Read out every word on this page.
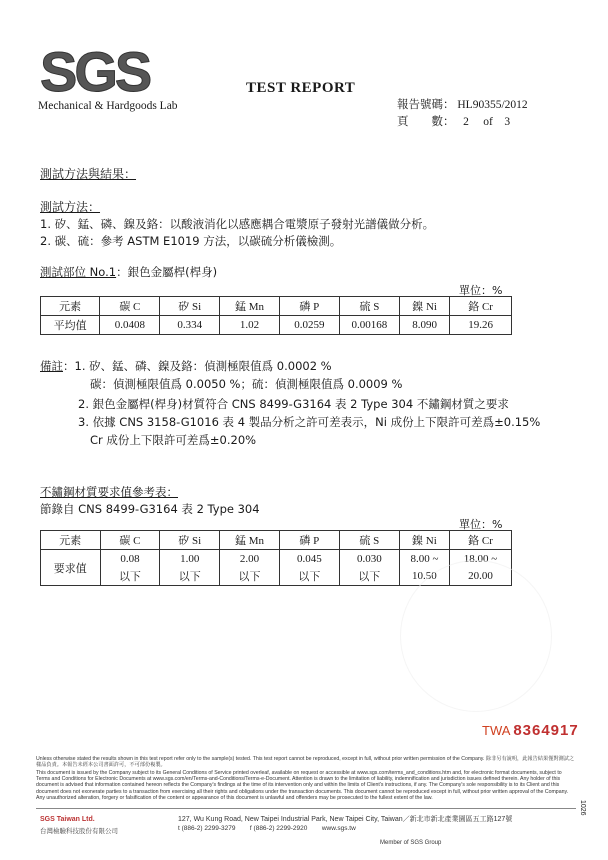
SGS
Mechanical & Hardgoods Lab
TEST REPORT
報告號碼： HL90355/2012
頁　　數： 2 of 3
測試方法與結果：
測試方法：
1. 矽、錳、磷、鎳及鉻：以酸液消化以感應耦合電漿原子發射光譜儀做分析。
2. 碳、硫：參考 ASTM E1019 方法，以碳硫分析儀檢測。
測試部位 No.1：銀色金屬桿(桿身)
單位：%
元素	碳 C	矽 Si	錳 Mn	磷 P	硫 S	鎳 Ni	鉻 Cr
平均值	0.0408	0.334	1.02	0.0259	0.00168	8.090	19.26
備註：1. 矽、錳、磷、鎳及鉻：偵測極限值爲 0.0002 %
碳：偵測極限值爲 0.0050 %；硫：偵測極限值爲 0.0009 %
2. 銀色金屬桿(桿身)材質符合 CNS 8499-G3164 表 2 Type 304 不鏽鋼材質之要求
3. 依據 CNS 3158-G1016 表 4 製品分析之許可差表示，Ni 成份上下限許可差爲±0.15%
Cr 成份上下限許可差爲±0.20%
不鏽鋼材質要求值參考表：
節錄自 CNS 8499-G3164 表 2 Type 304
單位：%
元素	碳 C	矽 Si	錳 Mn	磷 P	硫 S	鎳 Ni	鉻 Cr
要求值	0.08	1.00	2.00	0.045	0.030	8.00 ~	18.00 ~
	以下	以下	以下	以下	以下	10.50	20.00
Unless otherwise stated the results shown in this test report refer only to the sample(s) tested. This test report cannot be reproduced, except in full, without prior written permission of the Company. 除非另有說明，此報告結果僅對測試之樣品負責。本報告未經本公司書面許可，不可部份複製。
This document is issued by the Company subject to its General Conditions of Service printed overleaf, available on request or accessible at www.sgs.com/terms_and_conditions.htm and, for electronic format documents, subject to Terms and Conditions for Electronic Documents at www.sgs.com/en/Terms-and-Conditions/Terms-e-Document. Attention is drawn to the limitation of liability, indemnification and jurisdiction issues defined therein. Any holder of this document is advised that information contained hereon reflects the Company's findings at the time of its intervention only and within the limits of Client's instructions, if any. The Company's sole responsibility is to its Client and this document does not exonerate parties to a transaction from exercising all their rights and obligations under the transaction documents. This document cannot be reproduced except in full, without prior written approval of the Company. Any unauthorized alteration, forgery or falsification of the content or appearance of this document is unlawful and offenders may be prosecuted to the fullest extent of the law.
TWA 8364917
SGS Taiwan Ltd.
台灣檢驗科技股份有限公司
127, Wu Kung Road, New Taipei Industrial Park, New Taipei City, Taiwan／新北市新北產業園區五工路127號
t (886-2) 2299-3279 f (886-2) 2299-2920 www.sgs.tw
Member of SGS Group
1026
